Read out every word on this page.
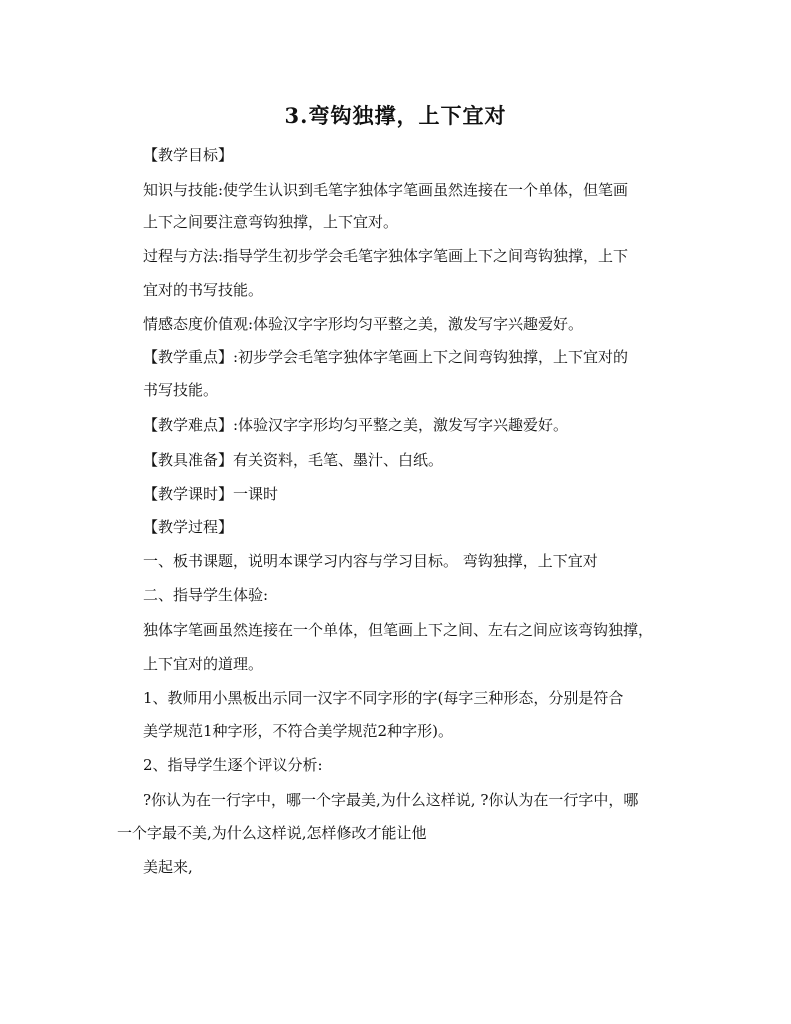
3.弯钩独撑，上下宜对
【教学目标】
知识与技能:使学生认识到毛笔字独体字笔画虽然连接在一个单体，但笔画
上下之间要注意弯钩独撑，上下宜对。
过程与方法:指导学生初步学会毛笔字独体字笔画上下之间弯钩独撑，上下
宜对的书写技能。
情感态度价值观:体验汉字字形均匀平整之美，激发写字兴趣爱好。
【教学重点】:初步学会毛笔字独体字笔画上下之间弯钩独撑，上下宜对的
书写技能。
【教学难点】:体验汉字字形均匀平整之美，激发写字兴趣爱好。
【教具准备】有关资料，毛笔、墨汁、白纸。
【教学课时】一课时
【教学过程】
一、板书课题，说明本课学习内容与学习目标。 弯钩独撑，上下宜对
二、指导学生体验:
独体字笔画虽然连接在一个单体，但笔画上下之间、左右之间应该弯钩独撑，
上下宜对的道理。
1、教师用小黑板出示同一汉字不同字形的字(每字三种形态，分别是符合
美学规范1种字形，不符合美学规范2种字形)。
2、指导学生逐个评议分析:
?你认为在一行字中，哪一个字最美,为什么这样说, ?你认为在一行字中，哪
一个字最不美,为什么这样说,怎样修改才能让他
美起来,
